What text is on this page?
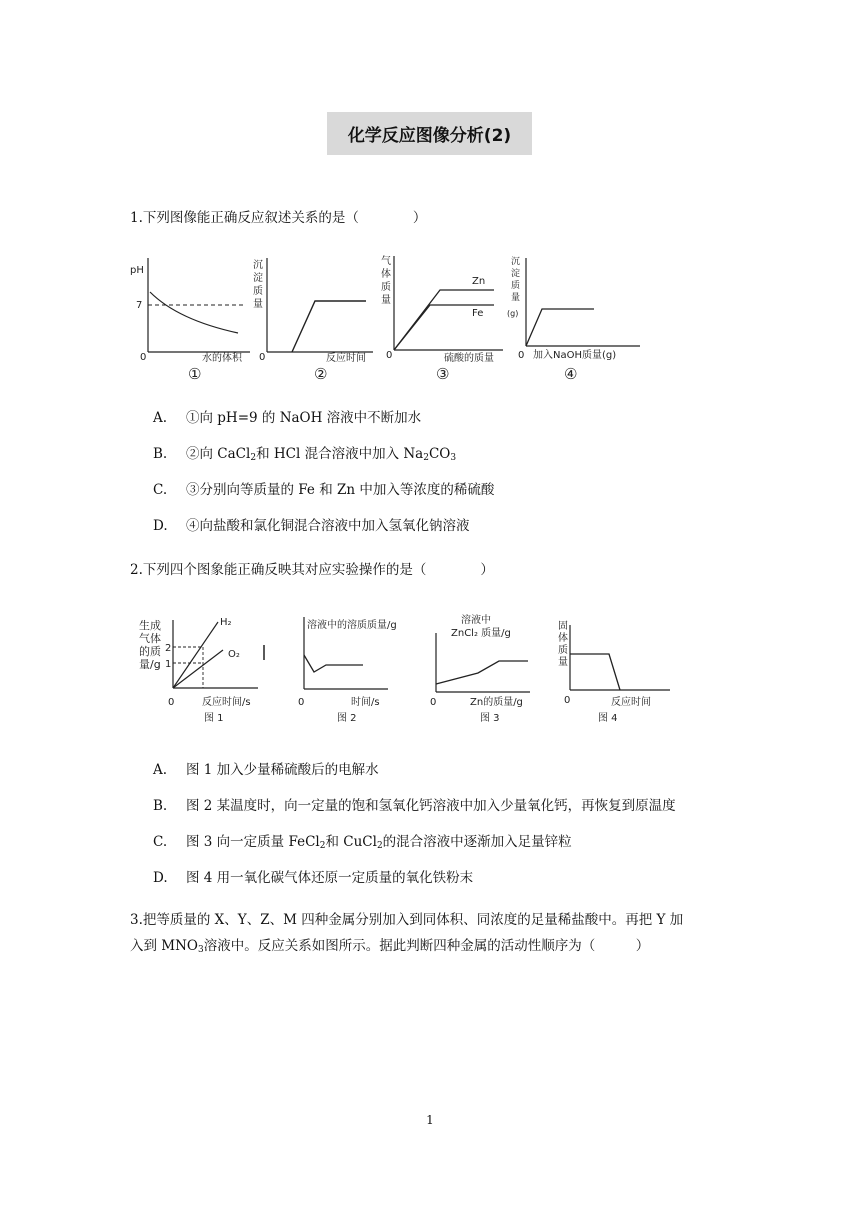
化学反应图像分析(2)
1.下列图像能正确反应叙述关系的是（　　　　）
pH
7
0	水的体积
①
沉
淀
质
量
0	反应时间
②
气
体
质
量
Zn
Fe
0	硫酸的质量
③
沉
淀
质
量
(g)
0 加入NaOH质量(g)
④
A. ①向 pH=9 的 NaOH 溶液中不断加水
B. ②向 CaCl$_2$和 HCl 混合溶液中加入 $Na_2CO_3$
C. ③分别向等质量的 Fe 和 Zn 中加入等浓度的稀硫酸
D. ④向盐酸和氯化铜混合溶液中加入氢氧化钠溶液
2.下列四个图象能正确反映其对应实验操作的是（　　　　）
生成
气体
的质
量/g
2
1
H₂
O₂
0	反应时间/s
图 1
溶液中的溶质质量/g
0	时间/s
图 2
溶液中
ZnCl₂ 质量/g
0	Zn的质量/g
图 3
固
体
质
量
0	反应时间
图 4
A. 图 1 加入少量稀硫酸后的电解水
B. 图 2 某温度时，向一定量的饱和氢氧化钙溶液中加入少量氧化钙，再恢复到原温度
C. 图 3 向一定质量 FeCl$_2$和 CuCl$_2$的混合溶液中逐渐加入足量锌粒
D. 图 4 用一氧化碳气体还原一定质量的氧化铁粉末
3.把等质量的 X、Y、Z、M 四种金属分别加入到同体积、同浓度的足量稀盐酸中。再把 Y 加
入到 $MNO_3$溶液中。反应关系如图所示。据此判断四种金属的活动性顺序为（　　　）
1
